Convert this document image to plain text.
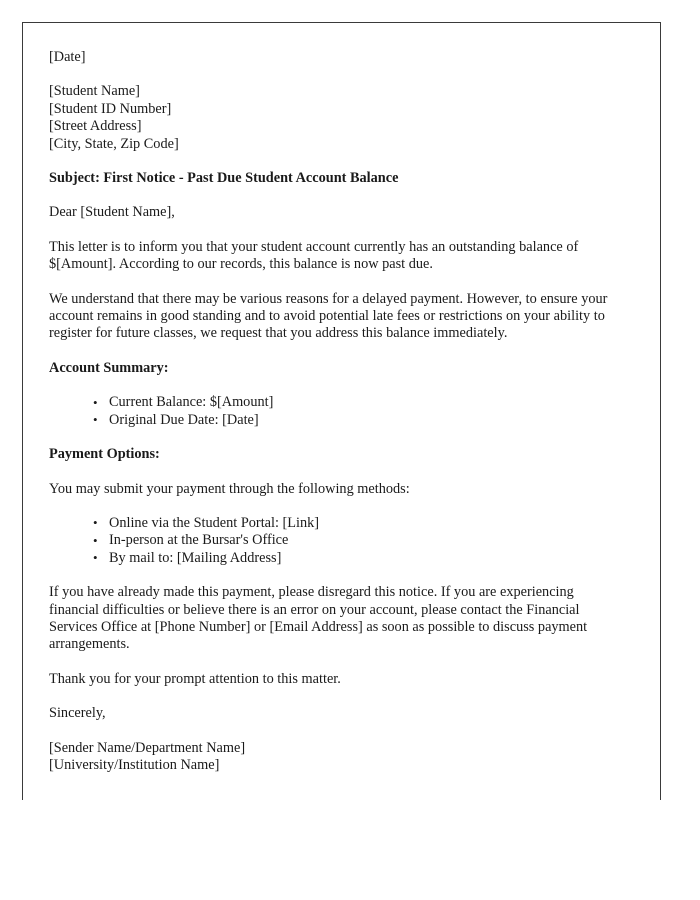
[Date]

[Student Name]

[Student ID Number]

[Street Address]

[City, State, Zip Code]

Subject: First Notice - Past Due Student Account Balance

Dear [Student Name],

This letter is to inform you that your student account currently has an outstanding balance of $[Amount]. According to our records, this balance is now past due.

We understand that there may be various reasons for a delayed payment. However, to ensure your account remains in good standing and to avoid potential late fees or restrictions on your ability to register for future classes, we request that you address this balance immediately.

Account Summary:

• Current Balance: $[Amount]
• Original Due Date: [Date]

Payment Options:

You may submit your payment through the following methods:

• Online via the Student Portal: [Link]
• In-person at the Bursar's Office
• By mail to: [Mailing Address]

If you have already made this payment, please disregard this notice. If you are experiencing financial difficulties or believe there is an error on your account, please contact the Financial Services Office at [Phone Number] or [Email Address] as soon as possible to discuss payment arrangements.

Thank you for your prompt attention to this matter.

Sincerely,

[Sender Name/Department Name]

[University/Institution Name]
